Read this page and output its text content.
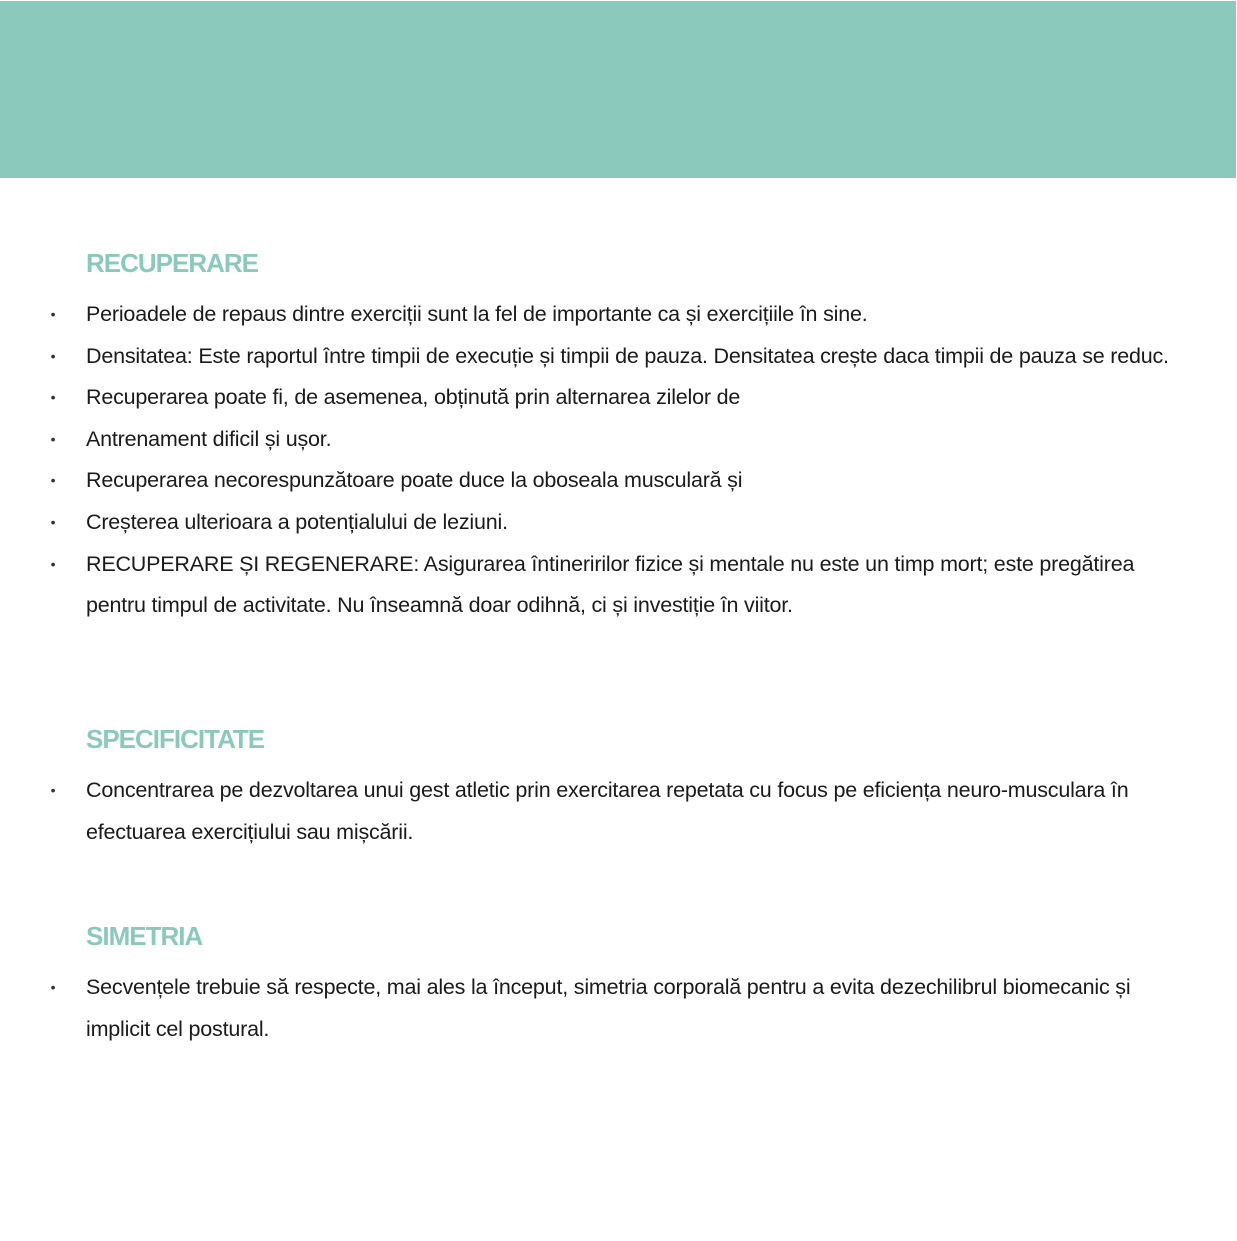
RECUPERARE
• Perioadele de repaus dintre exerciții sunt la fel de importante ca și exercițiile în sine.
• Densitatea: Este raportul între timpii de execuție și timpii de pauza. Densitatea crește daca timpii de pauza se reduc.
• Recuperarea poate fi, de asemenea, obținută prin alternarea zilelor de
• Antrenament dificil și ușor.
• Recuperarea necorespunzătoare poate duce la oboseala musculară și
• Creșterea ulterioara a potențialului de leziuni.
• RECUPERARE ȘI REGENERARE: Asigurarea întineririlor fizice și mentale nu este un timp mort; este pregătirea pentru timpul de activitate. Nu înseamnă doar odihnă, ci și investiție în viitor.
SPECIFICITATE
• Concentrarea pe dezvoltarea unui gest atletic prin exercitarea repetata cu focus pe eficiența neuro-musculara în efectuarea exercițiului sau mișcării.
SIMETRIA
• Secvențele trebuie să respecte, mai ales la început, simetria corporală pentru a evita dezechilibrul biomecanic și implicit cel postural.
